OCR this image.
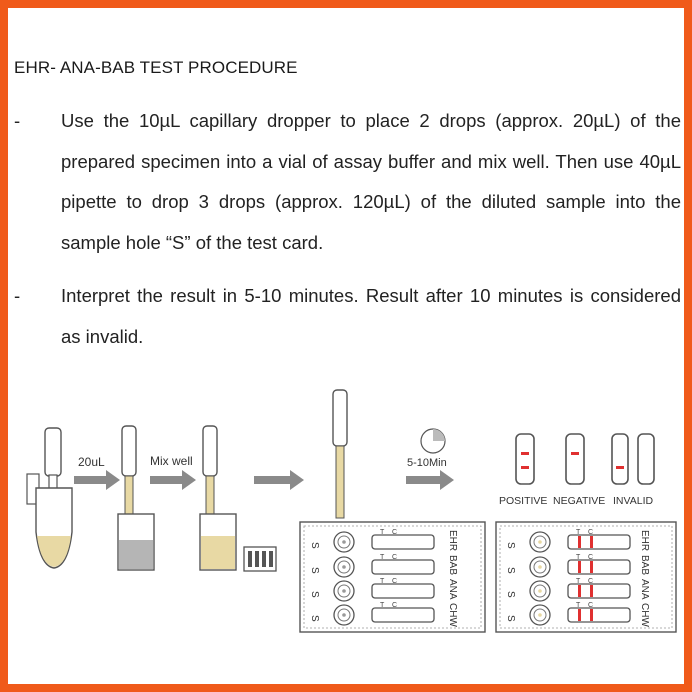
EHR- ANA-BAB TEST PROCEDURE
- Use the 10µL capillary dropper to place 2 drops (approx. 20µL) of the prepared specimen into a vial of assay buffer and mix well. Then use 40µL pipette to drop 3 drops (approx. 120µL) of the diluted sample into the sample hole “S” of the test card.
- Interpret the result in 5-10 minutes. Result after 10 minutes is considered as invalid.
20uL	Mix well	5-10Min
POSITIVE NEGATIVE INVALID
S
T C	EHR
S
T C	BAB
S
T C	ANA
S
T C	CHW
S
T C	EHR
S
T C	BAB
S
T C	ANA
S
T C	CHW
